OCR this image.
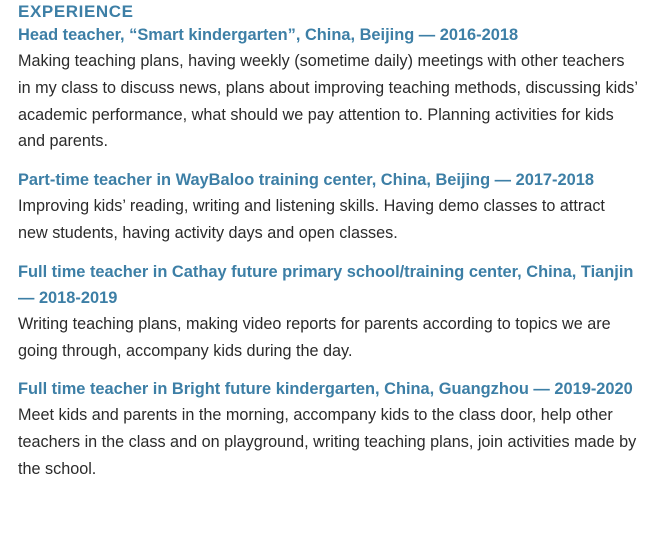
EXPERIENCE
Head teacher, “Smart kindergarten”, China, Beijing — 2016-2018

Making teaching plans, having weekly (sometime daily) meetings with other teachers in my class to discuss news, plans about improving teaching methods, discussing kids’ academic performance, what should we pay attention to. Planning activities for kids and parents.

Part-time teacher in WayBaloo training center, China, Beijing — 2017-2018

Improving kids’ reading, writing and listening skills. Having demo classes to attract new students, having activity days and open classes.

Full time teacher in Cathay future primary school/training center, China, Tianjin — 2018-2019

Writing teaching plans, making video reports for parents according to topics we are going through, accompany kids during the day.

Full time teacher in Bright future kindergarten, China, Guangzhou — 2019-2020

Meet kids and parents in the morning, accompany kids to the class door, help other teachers in the class and on playground, writing teaching plans, join activities made by the school.
